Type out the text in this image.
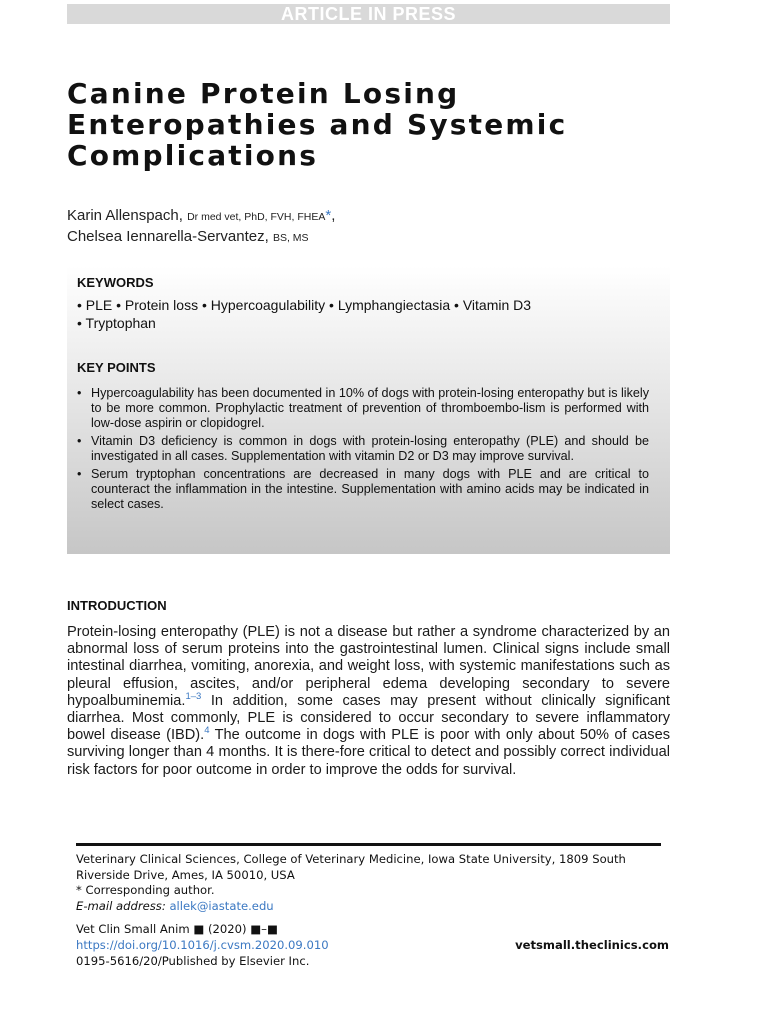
ARTICLE IN PRESS
Canine Protein Losing
Enteropathies and Systemic
Complications
Karin Allenspach, Dr med vet, PhD, FVH, FHEA*,
Chelsea Iennarella-Servantez, BS, MS
KEYWORDS
• PLE • Protein loss • Hypercoagulability • Lymphangiectasia • Vitamin D3
• Tryptophan
KEY POINTS
• Hypercoagulability has been documented in 10% of dogs with protein-losing enteropathy but is likely to be more common. Prophylactic treatment of prevention of thromboembo-lism is performed with low-dose aspirin or clopidogrel.
• Vitamin D3 deficiency is common in dogs with protein-losing enteropathy (PLE) and should be investigated in all cases. Supplementation with vitamin D2 or D3 may improve survival.
• Serum tryptophan concentrations are decreased in many dogs with PLE and are critical to counteract the inflammation in the intestine. Supplementation with amino acids may be indicated in select cases.
INTRODUCTION

Protein-losing enteropathy (PLE) is not a disease but rather a syndrome characterized by an abnormal loss of serum proteins into the gastrointestinal lumen. Clinical signs include small intestinal diarrhea, vomiting, anorexia, and weight loss, with systemic manifestations such as pleural effusion, ascites, and/or peripheral edema developing secondary to severe hypoalbuminemia.$^{1-3}$ In addition, some cases may present without clinically significant diarrhea. Most commonly, PLE is considered to occur secondary to severe inflammatory bowel disease (IBD).$^4$ The outcome in dogs with PLE is poor with only about 50% of cases surviving longer than 4 months. It is there-fore critical to detect and possibly correct individual risk factors for poor outcome in order to improve the odds for survival.

Veterinary Clinical Sciences, College of Veterinary Medicine, Iowa State University, 1809 South Riverside Drive, Ames, IA 50010, USA
* Corresponding author.
E-mail address: allek@iastate.edu
Vet Clin Small Anim ■ (2020) ■–■
https://doi.org/10.1016/j.cvsm.2020.09.010
0195-5616/20/Published by Elsevier Inc.
vetsmall.theclinics.com
